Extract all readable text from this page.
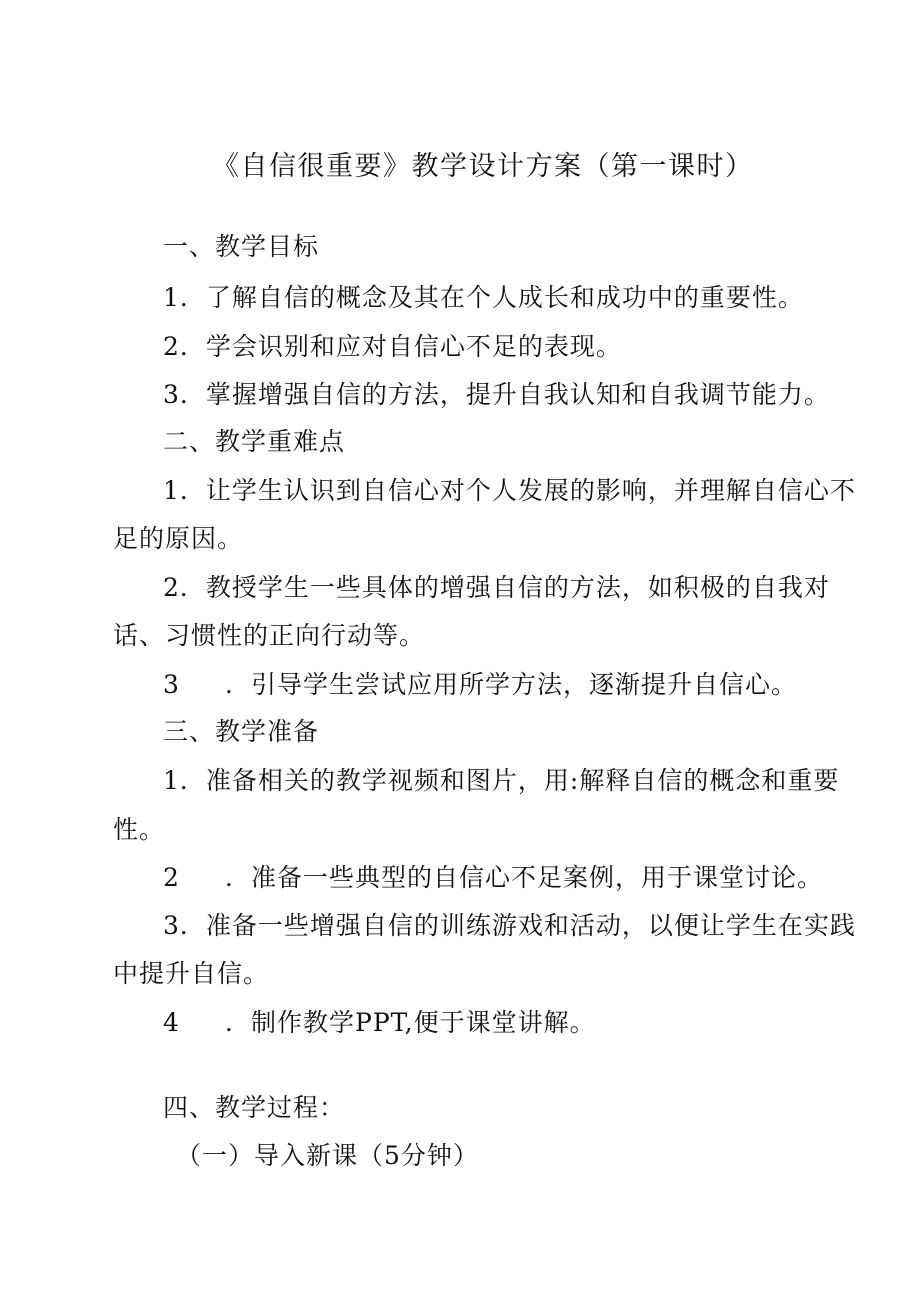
《自信很重要》教学设计方案（第一课时）
一、教学目标
1．了解自信的概念及其在个人成长和成功中的重要性。
2．学会识别和应对自信心不足的表现。
3．掌握增强自信的方法，提升自我认知和自我调节能力。
二、教学重难点
1．让学生认识到自信心对个人发展的影响，并理解自信心不
足的原因。
2．教授学生一些具体的增强自信的方法，如积极的自我对
话、习惯性的正向行动等。
3 ．引导学生尝试应用所学方法，逐渐提升自信心。
三、教学准备
1．准备相关的教学视频和图片，用:解释自信的概念和重要
性。
2 ．准备一些典型的自信心不足案例，用于课堂讨论。
3．准备一些增强自信的训练游戏和活动，以便让学生在实践
中提升自信。
4 ．制作教学PPT,便于课堂讲解。
四、教学过程：
（一）导入新课（5分钟）
